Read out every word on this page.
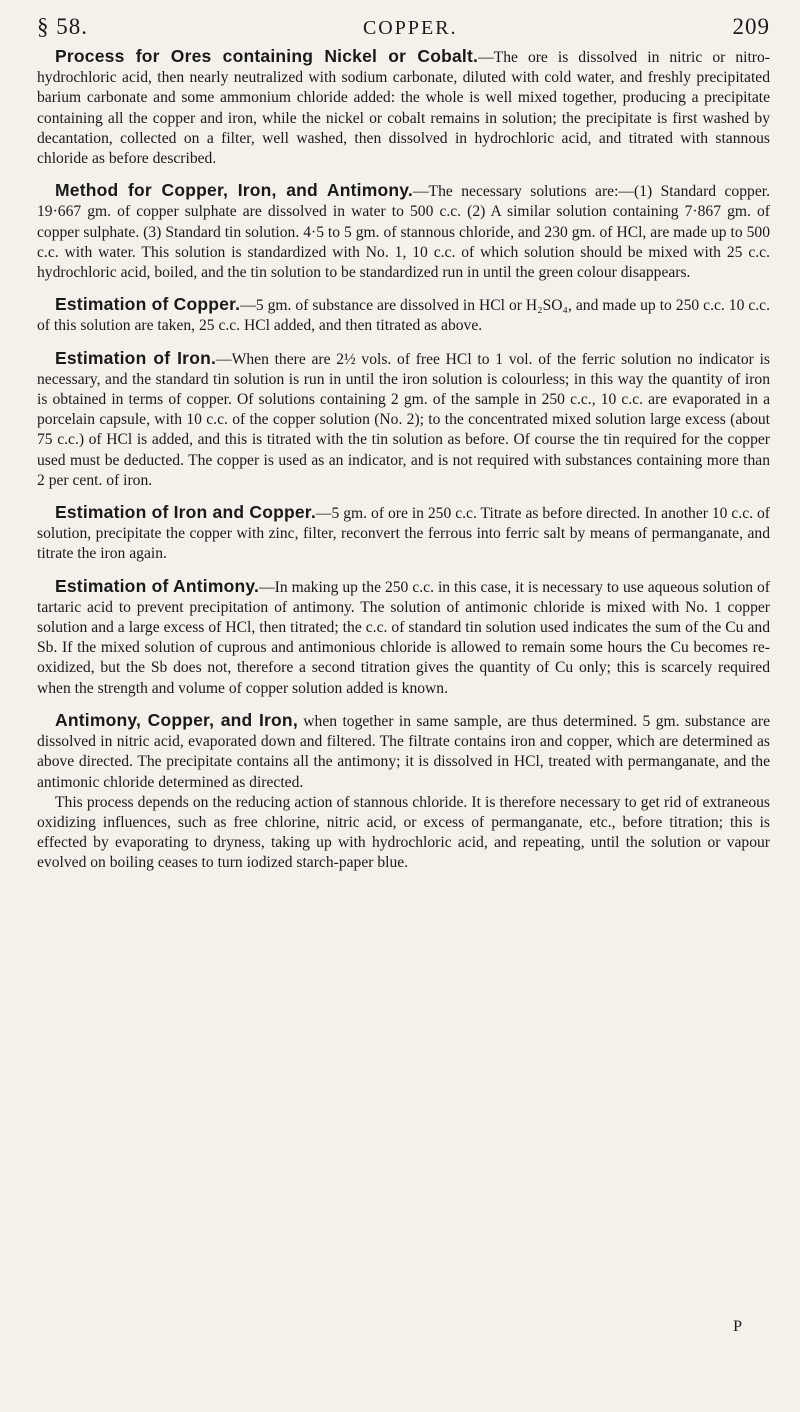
§ 58.	COPPER.	209

Process for Ores containing Nickel or Cobalt.—The ore is dissolved in nitric or nitro-hydrochloric acid, then nearly neutralized with sodium carbonate, diluted with cold water, and freshly precipitated barium carbonate and some ammonium chloride added: the whole is well mixed together, producing a precipitate containing all the copper and iron, while the nickel or cobalt remains in solution; the precipitate is first washed by decantation, collected on a filter, well washed, then dissolved in hydrochloric acid, and titrated with stannous chloride as before described.

Method for Copper, Iron, and Antimony.—The necessary solutions are:—(1) Standard copper. 19·667 gm. of copper sulphate are dissolved in water to 500 c.c. (2) A similar solution containing 7·867 gm. of copper sulphate. (3) Standard tin solution. 4·5 to 5 gm. of stannous chloride, and 230 gm. of HCl, are made up to 500 c.c. with water. This solution is standardized with No. 1, 10 c.c. of which solution should be mixed with 25 c.c. hydrochloric acid, boiled, and the tin solution to be standardized run in until the green colour disappears.

Estimation of Copper.—5 gm. of substance are dissolved in HCl or H₂SO₄, and made up to 250 c.c. 10 c.c. of this solution are taken, 25 c.c. HCl added, and then titrated as above.

Estimation of Iron.—When there are 2½ vols. of free HCl to 1 vol. of the ferric solution no indicator is necessary, and the standard tin solution is run in until the iron solution is colourless; in this way the quantity of iron is obtained in terms of copper. Of solutions containing 2 gm. of the sample in 250 c.c., 10 c.c. are evaporated in a porcelain capsule, with 10 c.c. of the copper solution (No. 2); to the concentrated mixed solution large excess (about 75 c.c.) of HCl is added, and this is titrated with the tin solution as before. Of course the tin required for the copper used must be deducted. The copper is used as an indicator, and is not required with substances containing more than 2 per cent. of iron.

Estimation of Iron and Copper.—5 gm. of ore in 250 c.c. Titrate as before directed. In another 10 c.c. of solution, precipitate the copper with zinc, filter, reconvert the ferrous into ferric salt by means of permanganate, and titrate the iron again.

Estimation of Antimony.—In making up the 250 c.c. in this case, it is necessary to use aqueous solution of tartaric acid to prevent precipitation of antimony. The solution of antimonic chloride is mixed with No. 1 copper solution and a large excess of HCl, then titrated; the c.c. of standard tin solution used indicates the sum of the Cu and Sb. If the mixed solution of cuprous and antimonious chloride is allowed to remain some hours the Cu becomes re-oxidized, but the Sb does not, therefore a second titration gives the quantity of Cu only; this is scarcely required when the strength and volume of copper solution added is known.

Antimony, Copper, and Iron, when together in same sample, are thus determined. 5 gm. substance are dissolved in nitric acid, evaporated down and filtered. The filtrate contains iron and copper, which are determined as above directed. The precipitate contains all the antimony; it is dissolved in HCl, treated with permanganate, and the antimonic chloride determined as directed.

This process depends on the reducing action of stannous chloride. It is therefore necessary to get rid of extraneous oxidizing influences, such as free chlorine, nitric acid, or excess of permanganate, etc., before titration; this is effected by evaporating to dryness, taking up with hydrochloric acid, and repeating, until the solution or vapour evolved on boiling ceases to turn iodized starch-paper blue.

P
